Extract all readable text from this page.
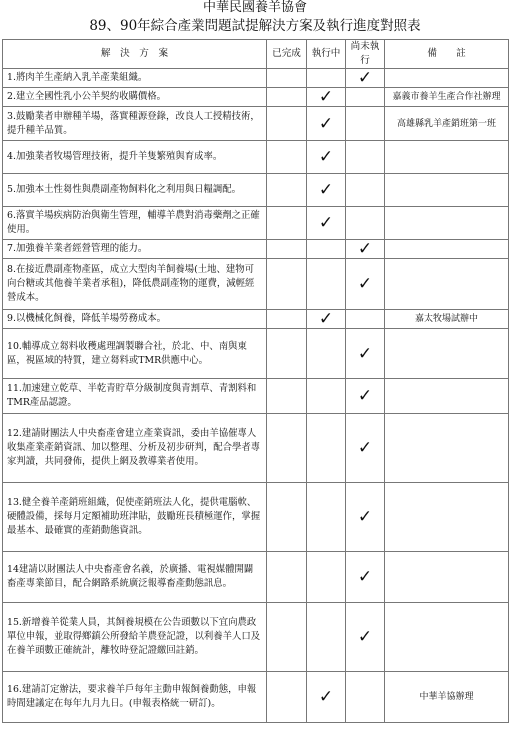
中華民國養羊協會
89、90年綜合產業問題試提解決方案及執行進度對照表
解　決　方　案	已完成	執行中	尚未執行	備　　註
1.將肉羊生產納入乳羊產業組織。			✓	
2.建立全國性乳小公羊契約收購價格。		✓		嘉義市養羊生產合作社辦理
3.鼓勵業者申辦種羊場，落實種源登錄，改良人工授精技術，提升種羊品質。		✓		高雄縣乳羊產銷班第一班
4.加強業者牧場管理技術，提升羊隻繁殖與育成率。		✓		
5.加強本土性芻性與農副產物飼料化之利用與日糧調配。		✓		
6.落實羊場疾病防治與衛生管理，輔導羊農對消毒藥劑之正確使用。		✓		
7.加強養羊業者經營管理的能力。			✓	
8.在接近農副產物產區，成立大型肉羊飼養場(土地、建物可向台糖或其他養羊業者承租)，降低農副產物的運費，減輕經營成本。			✓	
9.以機械化飼養，降低羊場勞務成本。		✓		嘉太牧場試辦中
10.輔導成立芻料收穫處理調製聯合社，於北、中、南與東區，視區域的特質，建立芻料或TMR供應中心。			✓	
11.加速建立乾草、半乾青貯草分級制度與青割草、青割料和TMR產品認證。			✓	
12.建請財團法人中央畜產會建立產業資訊，委由羊協催專人收集產業產銷資訊、加以整理、分析及初步研判，配合學者專家判讀，共同發佈，提供上網及教導業者使用。			✓	
13.健全養羊產銷班組織，促使產銷班法人化，提供電腦軟、硬體設備，採每月定額補助班津貼，鼓勵班長積極運作，掌握最基本、最確實的產銷動態資訊。			✓	
14建請以財團法人中央畜產會名義，於廣播、電視媒體開闢畜產專業節目，配合網路系統廣泛報導畜產動態訊息。			✓	
15.新增養羊從業人員，其飼養規模在公告頭數以下宜向農政單位申報，並取得鄉鎮公所發給羊農登記證，以利養羊人口及在養羊頭數正確統計，離牧時登記證繳回註銷。			✓	
16.建請訂定辦法，要求養羊戶每年主動申報飼養動態，申報時間建議定在每年九月九日。(申報表格統一研訂)。		✓		中華羊協辦理
